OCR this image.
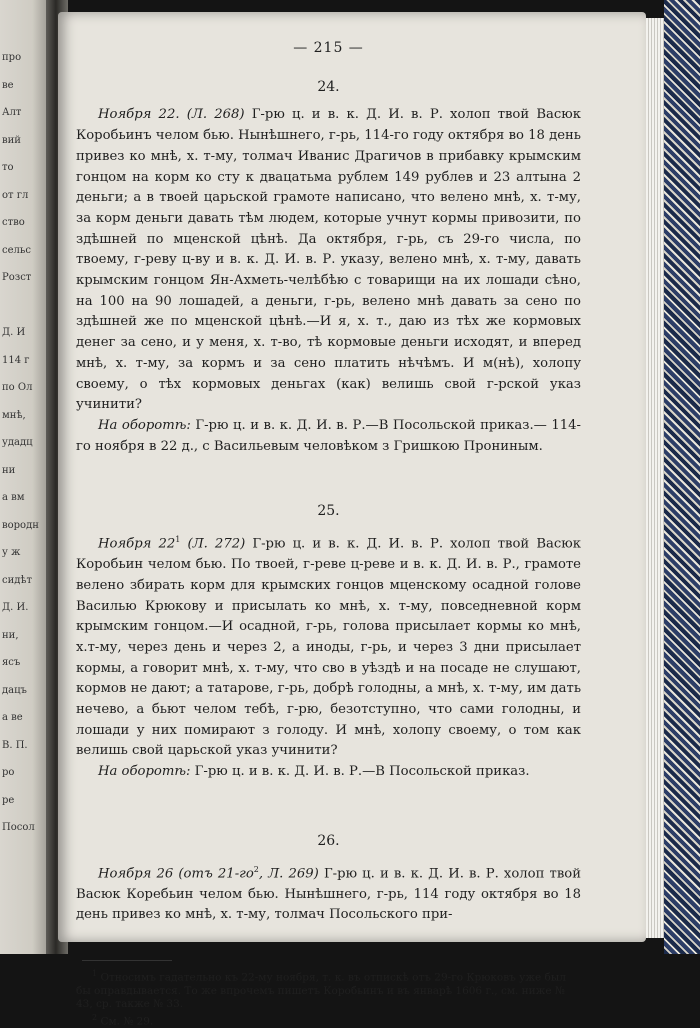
про
ве
Алт
вий
то
от гл
ство
сельс
Розст
Д. И
114 г
по Ол
мнѣ,
удадц
ни
а вм
вородн
у ж
сидѣт
Д. И.
ни,
ясъ
дацъ
а ве
В. П.
ро
ре
Посол
— 215 —
24.

Ноября 22. (Л. 268) Г-рю ц. и в. к. Д. И. в. Р. холоп твой Васюк Коробьинъ челом бью. Нынѣшнего, г-рь, 114-го году октября во 18 день привез ко мнѣ, х. т-му, толмач Иванис Драгичов в прибавку крымским гонцом на корм ко сту к двацатьма рублем 149 рублев и 23 алтына 2 деньги; а в твоей царьской грамоте написано, что велено мнѣ, х. т-му, за корм деньги давать тѣм людем, которые учнут кормы привозити, по здѣшней по мценской цѣнѣ. Да октября, г-рь, съ 29-го числа, по твоему, г-реву ц-ву и в. к. Д. И. в. Р. указу, велено мнѣ, х. т-му, давать крымским гонцом Ян-Ахметь-челѣбѣю с товарищи на их лошади сѣно, на 100 на 90 лошадей, а деньги, г-рь, велено мнѣ давать за сено по здѣшней же по мценской цѣнѣ.—И я, х. т., даю из тѣх же кормовых денег за сено, и у меня, х. т-во, тѣ кормовые деньги исходят, и вперед мнѣ, х. т-му, за кормъ и за сено платить нѣчѣмъ. И м(нѣ), холопу своему, о тѣх кормовых деньгах (как) велишь свой г-рской указ учинити?

На оборотѣ: Г-рю ц. и в. к. Д. И. в. Р.—В Посольской приказ.— 114-го ноября в 22 д., с Васильевым человѣком з Гришкою Прониным.

25.

Ноября $22^1$ (Л. 272) Г-рю ц. и в. к. Д. И. в. Р. холоп твой Васюк Коробьин челом бью. По твоей, г-реве ц-реве и в. к. Д. И. в. Р., грамоте велено збирать корм для крымских гонцов мценскому осадной голове Василью Крюкову и присылать ко мнѣ, х. т-му, повседневной корм крымским гонцом.—И осадной, г-рь, голова присылает кормы ко мнѣ, х.т-му, через день и через 2, а иноды, г-рь, и через 3 дни присылает кормы, а говорит мнѣ, х. т-му, что сво в уѣздѣ и на посаде не слушают, кормов не дают; а татарове, г-рь, добрѣ голодны, а мнѣ, х. т-му, им дать нечево, а бьют челом тебѣ, г-рю, безотступно, что сами голодны, и лошади у них помирают з голоду. И мнѣ, холопу своему, о том как велишь свой царьской указ учинити?

На оборотѣ: Г-рю ц. и в. к. Д. И. в. Р.—В Посольской приказ.

26.

Ноября 26 (отъ $21-го^2$, Л. 269) Г-рю ц. и в. к. Д. И. в. Р. холоп твой Васюк Коребьин челом бью. Нынѣшнего, г-рь, 114 году октября во 18 день привез ко мнѣ, х. т-му, толмач Посольского при-

$^1$ Относимъ гадательно къ 22-му ноября, т. к. въ отпискѣ отъ 29-го Крюковъ уже был бы оправдывается. То же впрочемъ пишетъ Коробьинъ и въ январѣ 1606 г., см. ниже № 43, ср. также № 33.

$^2$ См. № 29.
